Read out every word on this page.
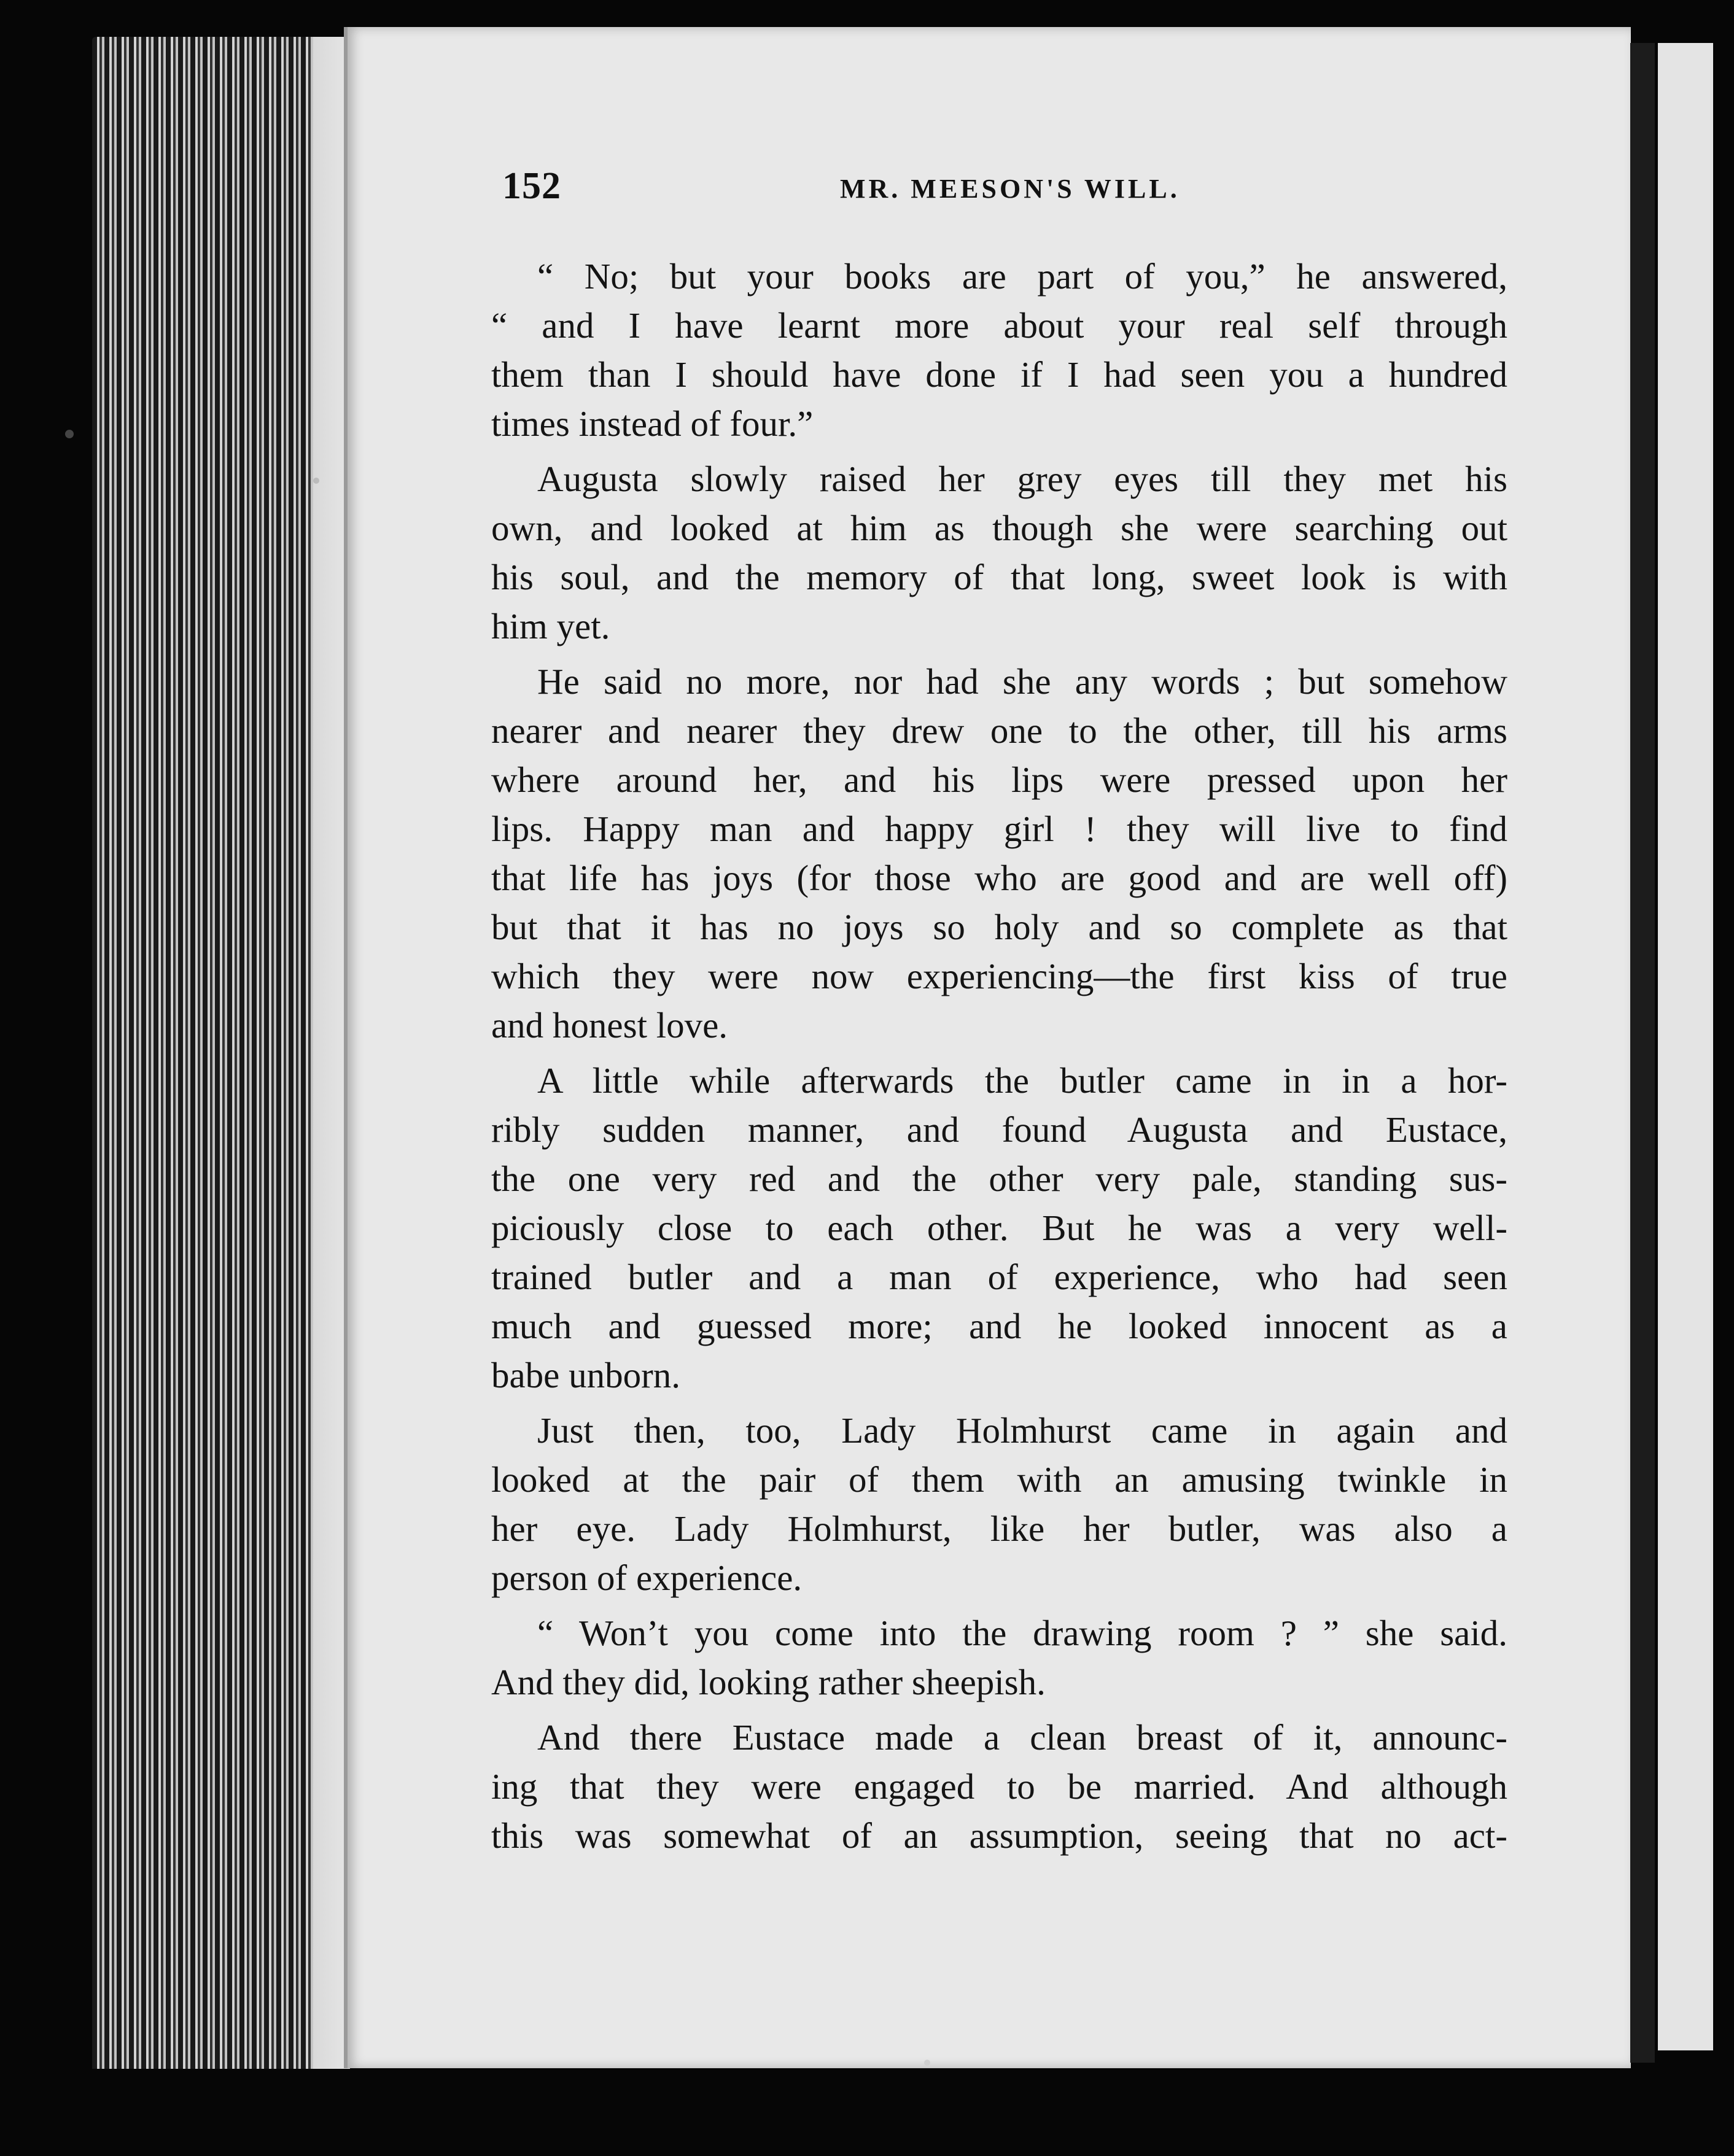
152	MR. MEESON'S WILL.
“ No; but your books are part of you,” he answered,
“ and I have learnt more about your real self through
them than I should have done if I had seen you a hundred
times instead of four.”
Augusta slowly raised her grey eyes till they met his
own, and looked at him as though she were searching out
his soul, and the memory of that long, sweet look is with
him yet.
He said no more, nor had she any words ; but somehow
nearer and nearer they drew one to the other, till his arms
where around her, and his lips were pressed upon her
lips. Happy man and happy girl ! they will live to find
that life has joys (for those who are good and are well off)
but that it has no joys so holy and so complete as that
which they were now experiencing—the first kiss of true
and honest love.
A little while afterwards the butler came in in a hor-
ribly sudden manner, and found Augusta and Eustace,
the one very red and the other very pale, standing sus-
piciously close to each other. But he was a very well-
trained butler and a man of experience, who had seen
much and guessed more; and he looked innocent as a
babe unborn.
Just then, too, Lady Holmhurst came in again and
looked at the pair of them with an amusing twinkle in
her eye. Lady Holmhurst, like her butler, was also a
person of experience.
“ Won’t you come into the drawing room ? ” she said.
And they did, looking rather sheepish.
And there Eustace made a clean breast of it, announc-
ing that they were engaged to be married. And although
this was somewhat of an assumption, seeing that no act-
